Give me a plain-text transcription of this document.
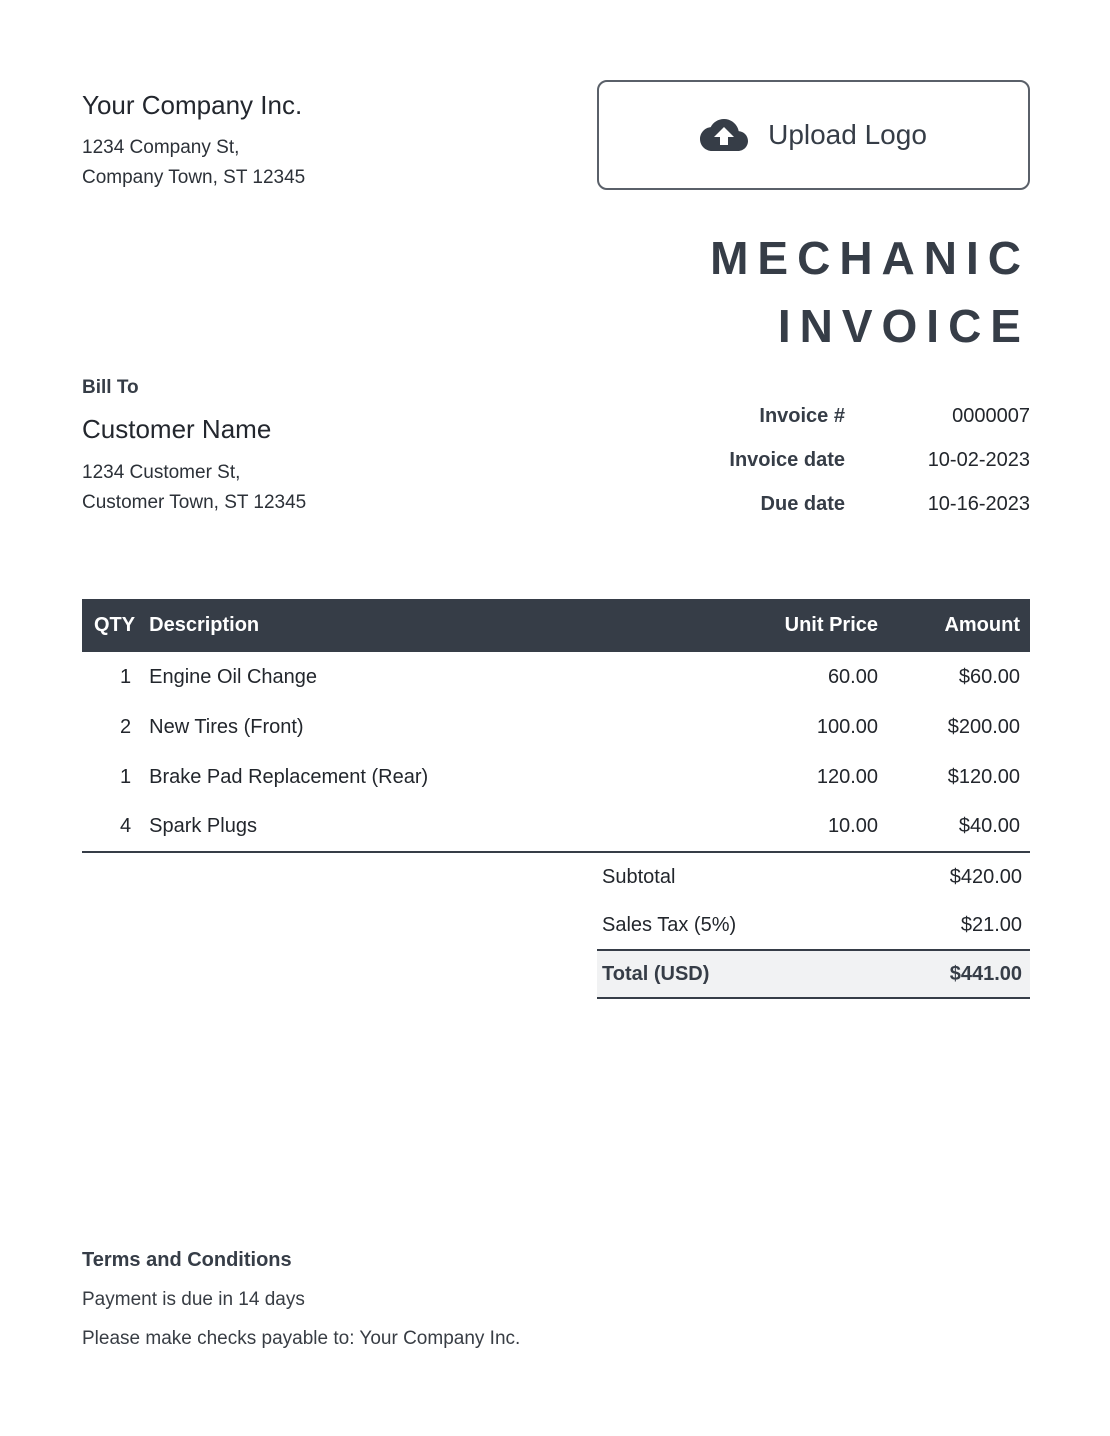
Your Company Inc.
1234 Company St,
Company Town, ST 12345
Upload Logo
MECHANIC
INVOICE
Bill To
Customer Name
1234 Customer St,
Customer Town, ST 12345
Invoice #	0000007
Invoice date	10-02-2023
Due date	10-16-2023
QTY	Description	Unit Price	Amount
1	Engine Oil Change	60.00	$60.00
2	New Tires (Front)	100.00	$200.00
1	Brake Pad Replacement (Rear)	120.00	$120.00
4	Spark Plugs	10.00	$40.00
Subtotal	$420.00
Sales Tax (5%)	$21.00
Total (USD)	$441.00
Terms and Conditions
Payment is due in 14 days
Please make checks payable to: Your Company Inc.
